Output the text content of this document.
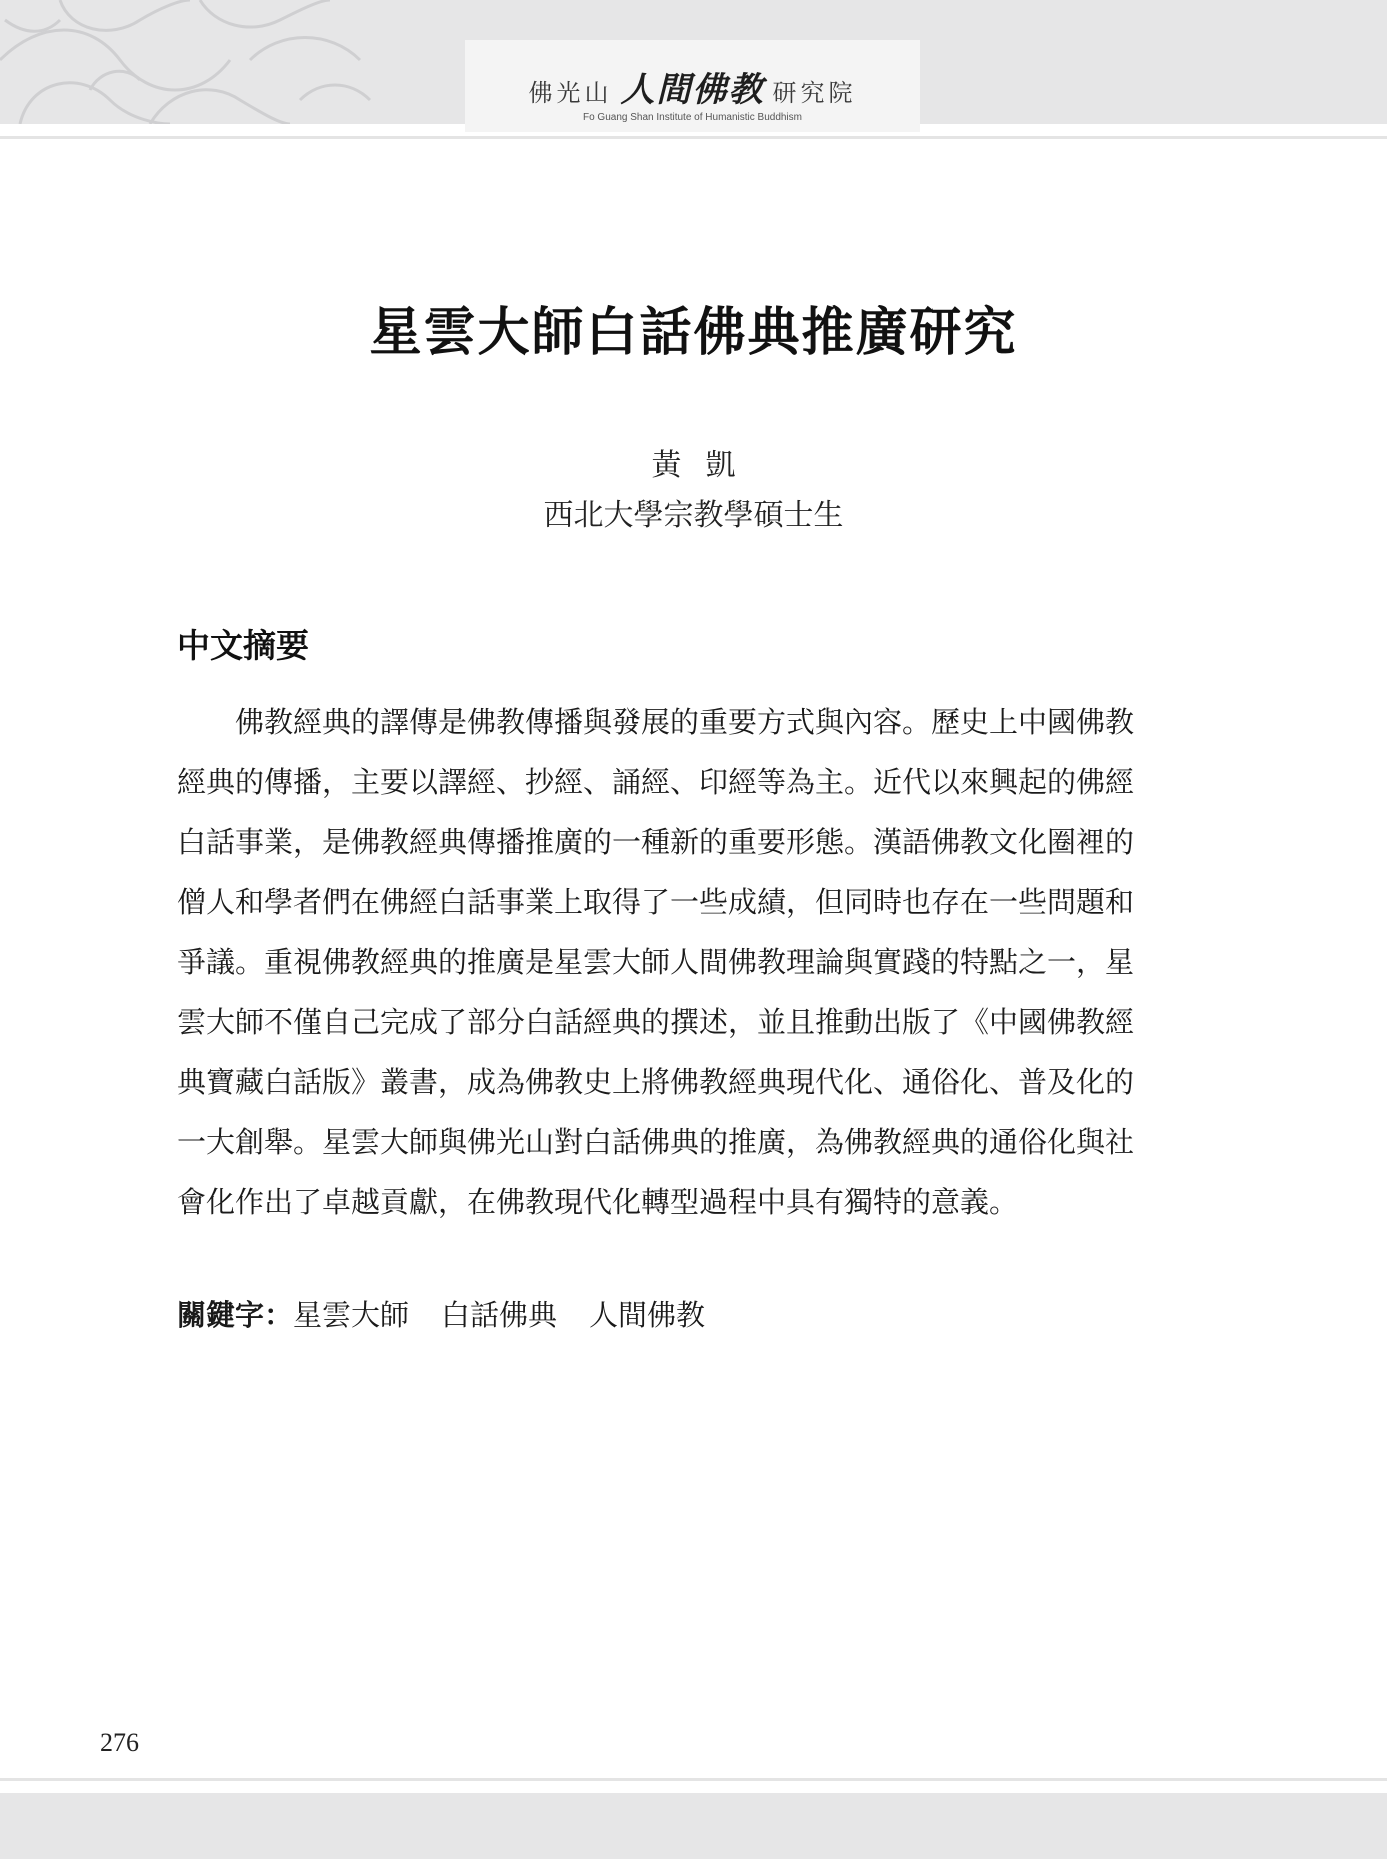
佛光山 人間佛教 研究院
Fo Guang Shan Institute of Humanistic Buddhism
星雲大師白話佛典推廣研究
黃凱
西北大學宗教學碩士生
中文摘要
佛教經典的譯傳是佛教傳播與發展的重要方式與內容。歷史上中國佛教
經典的傳播，主要以譯經、抄經、誦經、印經等為主。近代以來興起的佛經
白話事業，是佛教經典傳播推廣的一種新的重要形態。漢語佛教文化圈裡的
僧人和學者們在佛經白話事業上取得了一些成績，但同時也存在一些問題和
爭議。重視佛教經典的推廣是星雲大師人間佛教理論與實踐的特點之一，星
雲大師不僅自己完成了部分白話經典的撰述，並且推動出版了《中國佛教經
典寶藏白話版》叢書，成為佛教史上將佛教經典現代化、通俗化、普及化的
一大創舉。星雲大師與佛光山對白話佛典的推廣，為佛教經典的通俗化與社
會化作出了卓越貢獻，在佛教現代化轉型過程中具有獨特的意義。
關鍵字：星雲大師 白話佛典 人間佛教
276
